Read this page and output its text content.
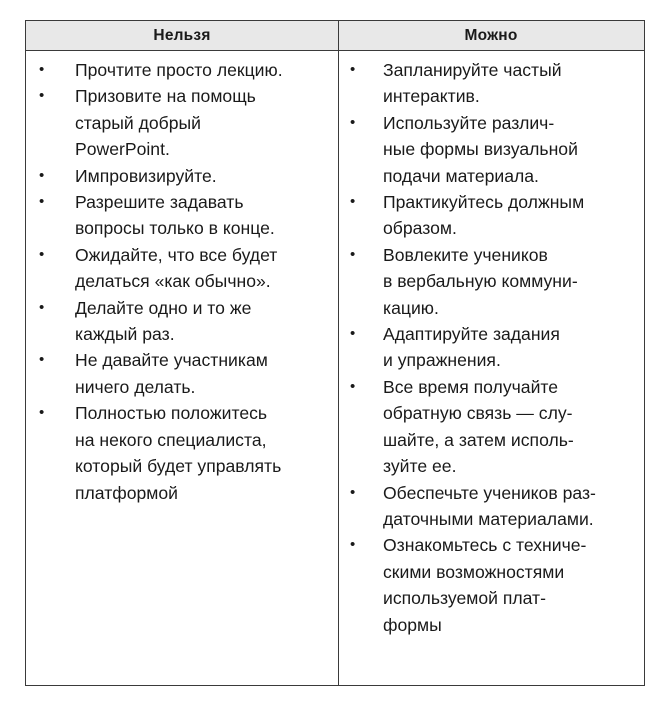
Нельзя	Можно
• Прочтите просто лекцию.
• Призовите на помощь
старый добрый
PowerPoint.
• Импровизируйте.
• Разрешите задавать
вопросы только в конце.
• Ожидайте, что все будет
делаться «как обычно».
• Делайте одно и то же
каждый раз.
• Не давайте участникам
ничего делать.
• Полностью положитесь
на некого специалиста,
который будет управлять
платформой
• Запланируйте частый
интерактив.
• Используйте различ-
ные формы визуальной
подачи материала.
• Практикуйтесь должным
образом.
• Вовлеките учеников
в вербальную коммуни-
кацию.
• Адаптируйте задания
и упражнения.
• Все время получайте
обратную связь — слу-
шайте, а затем исполь-
зуйте ее.
• Обеспечьте учеников раз-
даточными материалами.
• Ознакомьтесь с техниче-
скими возможностями
используемой плат-
формы
